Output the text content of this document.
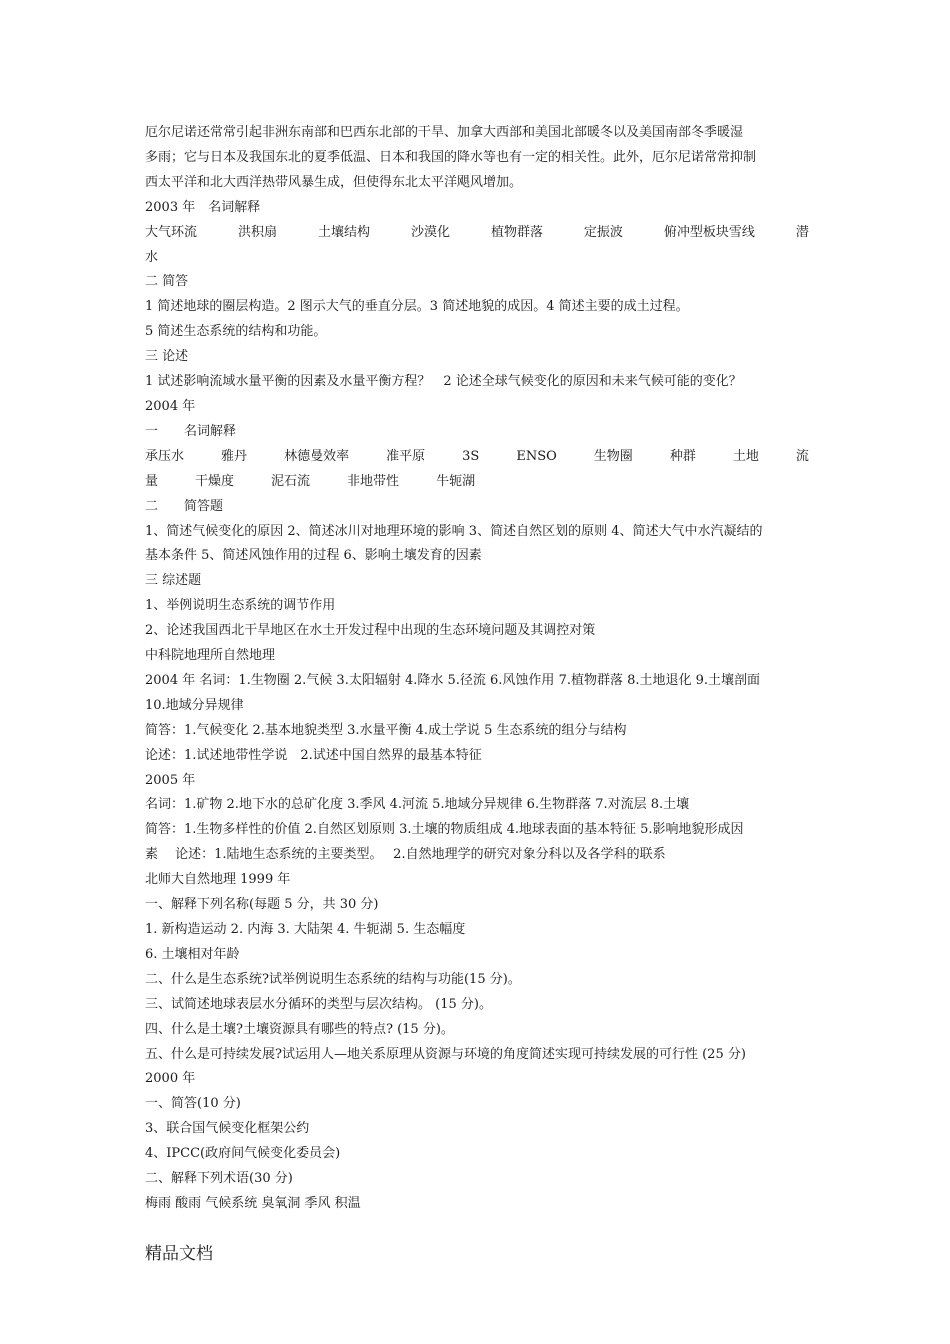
厄尔尼诺还常常引起非洲东南部和巴西东北部的干旱、加拿大西部和美国北部暖冬以及美国南部冬季暖湿
多雨；它与日本及我国东北的夏季低温、日本和我国的降水等也有一定的相关性。此外，厄尔尼诺常常抑制
西太平洋和北大西洋热带风暴生成，但使得东北太平洋飓风增加。
2003 年　名词解释
大气环流	洪积扇	土壤结构	沙漠化	植物群落	定振波	俯冲型板块雪线	潜
水
二 简答
1 简述地球的圈层构造。2 图示大气的垂直分层。3 简述地貌的成因。4 简述主要的成土过程。
5 简述生态系统的结构和功能。
三 论述
1 试述影响流域水量平衡的因素及水量平衡方程？　2 论述全球气候变化的原因和未来气候可能的变化？
2004 年
一　　名词解释
承压水	雅丹	林德曼效率	准平原	3S	ENSO	生物圈	种群	土地	流
量	干燥度	泥石流	非地带性	牛轭湖
二　　简答题
1、简述气候变化的原因 2、简述冰川对地理环境的影响 3、简述自然区划的原则 4、简述大气中水汽凝结的
基本条件 5、简述风蚀作用的过程 6、影响土壤发育的因素
三 综述题
1、举例说明生态系统的调节作用
2、论述我国西北干旱地区在水土开发过程中出现的生态环境问题及其调控对策
中科院地理所自然地理
2004 年 名词：1.生物圈 2.气候 3.太阳辐射 4.降水 5.径流 6.风蚀作用 7.植物群落 8.土地退化 9.土壤剖面
10.地域分异规律
简答：1.气候变化 2.基本地貌类型 3.水量平衡 4.成土学说 5 生态系统的组分与结构
论述：1.试述地带性学说　2.试述中国自然界的最基本特征
2005 年
名词：1.矿物 2.地下水的总矿化度 3.季风 4.河流 5.地域分异规律 6.生物群落 7.对流层 8.土壤
简答：1.生物多样性的价值 2.自然区划原则 3.土壤的物质组成 4.地球表面的基本特征 5.影响地貌形成因
素　 论述：1.陆地生态系统的主要类型。　 2.自然地理学的研究对象分科以及各学科的联系
北师大自然地理 1999 年
一、解释下列名称(每题 5 分，共 30 分)
1. 新构造运动 2. 内海 3. 大陆架 4. 牛轭湖 5. 生态幅度
6. 土壤相对年龄
二、什么是生态系统?试举例说明生态系统的结构与功能(15 分)。
三、试简述地球表层水分循环的类型与层次结构。 (15 分)。
四、什么是土壤?土壤资源具有哪些的特点? (15 分)。
五、什么是可持续发展?试运用人—地关系原理从资源与环境的角度简述实现可持续发展的可行性 (25 分)
2000 年
一、简答(10 分)
3、联合国气候变化框架公约
4、IPCC(政府间气候变化委员会)
二、解释下列术语(30 分)
梅雨 酸雨 气候系统 臭氧洞 季风 积温
精品文档
